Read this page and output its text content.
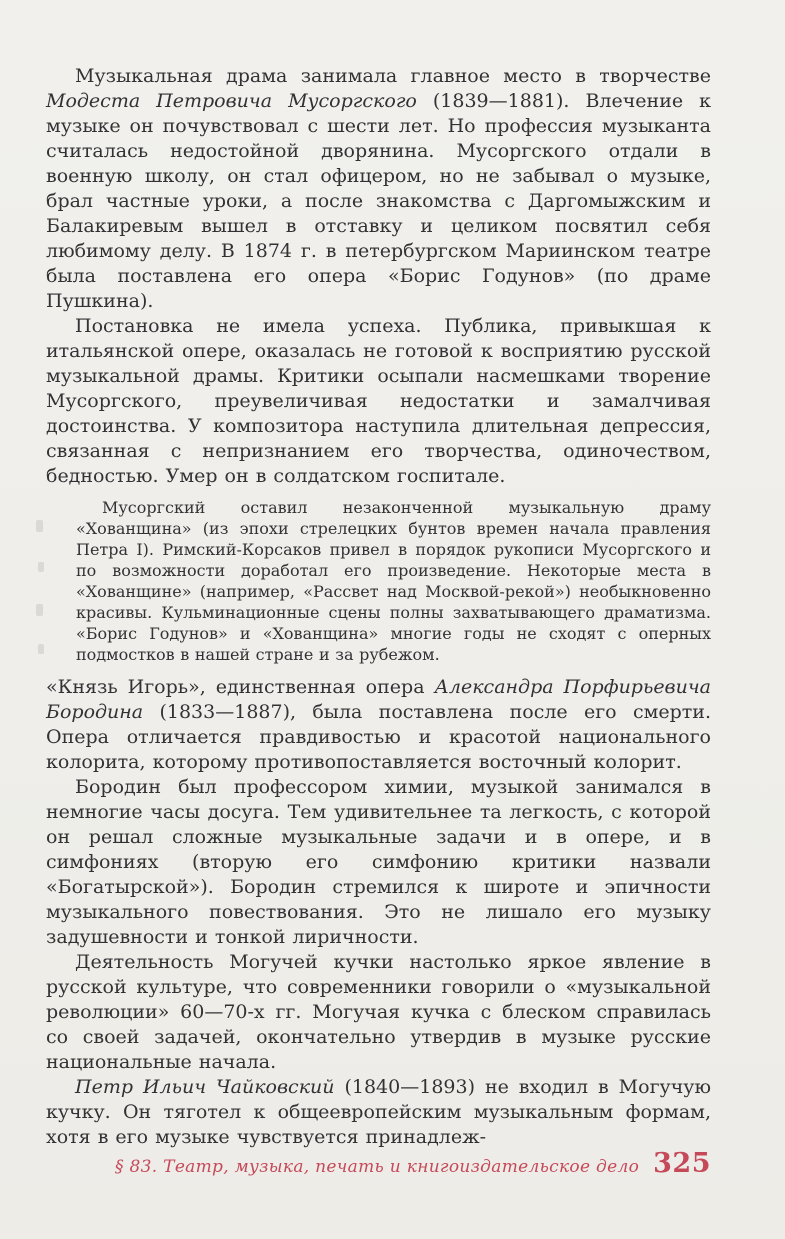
Музыкальная драма занимала главное место в творчестве Модеста Петровича Мусоргского (1839—1881). Влечение к музыке он почувствовал с шести лет. Но профессия музыканта считалась недостойной дворянина. Мусоргского отдали в военную школу, он стал офицером, но не забывал о музыке, брал частные уроки, а после знакомства с Даргомыжским и Балакиревым вышел в отставку и целиком посвятил себя любимому делу. В 1874 г. в петербургском Мариинском театре была поставлена его опера «Борис Годунов» (по драме Пушкина).

Постановка не имела успеха. Публика, привыкшая к итальянской опере, оказалась не готовой к восприятию русской музыкальной драмы. Критики осыпали насмешками творение Мусоргского, преувеличивая недостатки и замалчивая достоинства. У композитора наступила длительная депрессия, связанная с непризнанием его творчества, одиночеством, бедностью. Умер он в солдатском госпитале.

Мусоргский оставил незаконченной музыкальную драму «Хованщина» (из эпохи стрелецких бунтов времен начала правления Петра I). Римский-Корсаков привел в порядок рукописи Мусоргского и по возможности доработал его произведение. Некоторые места в «Хованщине» (например, «Рассвет над Москвой-рекой») необыкновенно красивы. Кульминационные сцены полны захватывающего драматизма. «Борис Годунов» и «Хованщина» многие годы не сходят с оперных подмостков в нашей стране и за рубежом.

«Князь Игорь», единственная опера Александра Порфирьевича Бородина (1833—1887), была поставлена после его смерти. Опера отличается правдивостью и красотой национального колорита, которому противопоставляется восточный колорит.

Бородин был профессором химии, музыкой занимался в немногие часы досуга. Тем удивительнее та легкость, с которой он решал сложные музыкальные задачи и в опере, и в симфониях (вторую его симфонию критики назвали «Богатырской»). Бородин стремился к широте и эпичности музыкального повествования. Это не лишало его музыку задушевности и тонкой лиричности.

Деятельность Могучей кучки настолько яркое явление в русской культуре, что современники говорили о «музыкальной революции» 60—70-х гг. Могучая кучка с блеском справилась со своей задачей, окончательно утвердив в музыке русские национальные начала.

Петр Ильич Чайковский (1840—1893) не входил в Могучую кучку. Он тяготел к общеевропейским музыкальным формам, хотя в его музыке чувствуется принадлеж-

§ 83. Театр, музыка, печать и книгоиздательское дело 325
